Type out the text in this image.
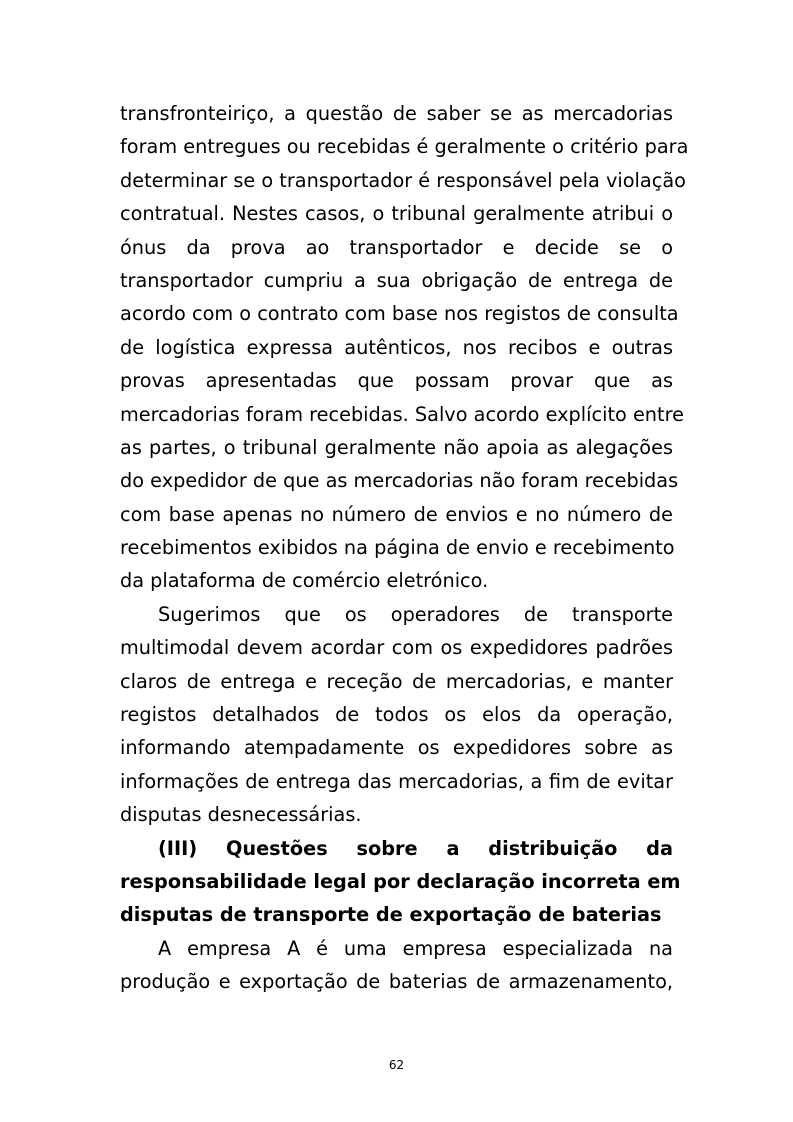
transfronteiriço, a questão de saber se as mercadorias
foram entregues ou recebidas é geralmente o critério para
determinar se o transportador é responsável pela violação
contratual. Nestes casos, o tribunal geralmente atribui o
ónus da prova ao transportador e decide se o
transportador cumpriu a sua obrigação de entrega de
acordo com o contrato com base nos registos de consulta
de logística expressa autênticos, nos recibos e outras
provas apresentadas que possam provar que as
mercadorias foram recebidas. Salvo acordo explícito entre
as partes, o tribunal geralmente não apoia as alegações
do expedidor de que as mercadorias não foram recebidas
com base apenas no número de envios e no número de
recebimentos exibidos na página de envio e recebimento
da plataforma de comércio eletrónico.
Sugerimos que os operadores de transporte
multimodal devem acordar com os expedidores padrões
claros de entrega e receção de mercadorias, e manter
registos detalhados de todos os elos da operação,
informando atempadamente os expedidores sobre as
informações de entrega das mercadorias, a fim de evitar
disputas desnecessárias.
(III) Questões sobre a distribuição da
responsabilidade legal por declaração incorreta em
disputas de transporte de exportação de baterias
A empresa A é uma empresa especializada na
produção e exportação de baterias de armazenamento,
62
